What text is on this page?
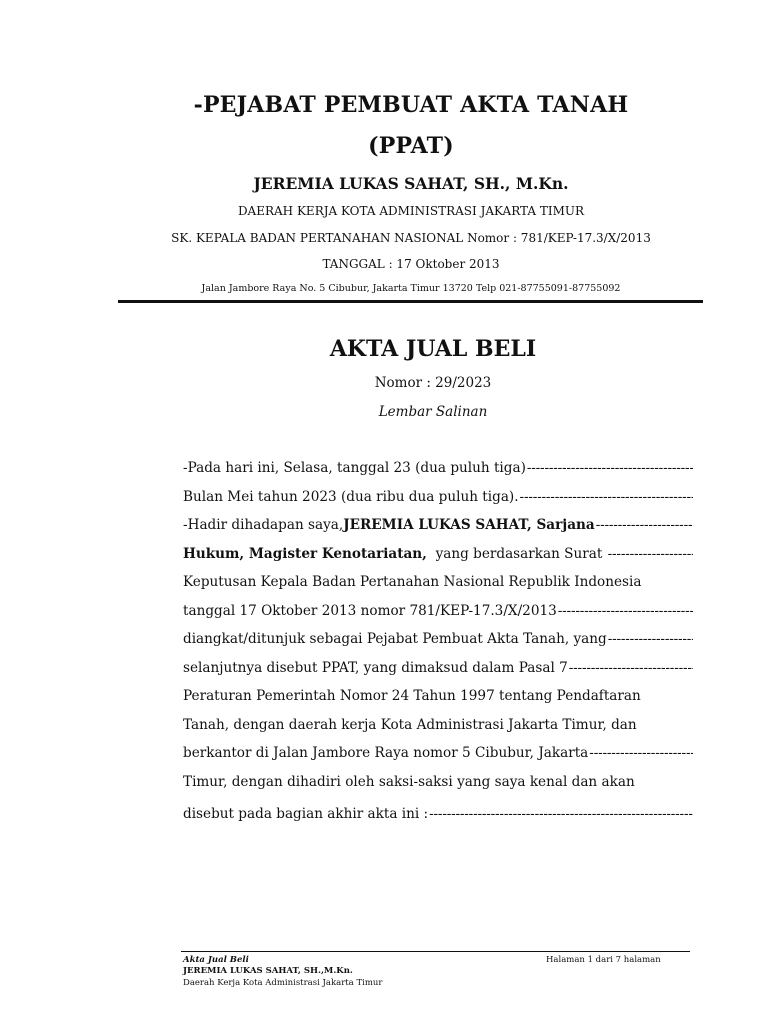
-PEJABAT PEMBUAT AKTA TANAH
(PPAT)
JEREMIA LUKAS SAHAT, SH., M.Kn.
DAERAH KERJA KOTA ADMINISTRASI JAKARTA TIMUR
SK. KEPALA BADAN PERTANAHAN NASIONAL Nomor : 781/KEP-17.3/X/2013
TANGGAL : 17 Oktober 2013
Jalan Jambore Raya No. 5 Cibubur, Jakarta Timur 13720 Telp 021-87755091-87755092
AKTA JUAL BELI
Nomor : 29/2023
Lembar Salinan
-Pada hari ini, Selasa, tanggal 23 (dua puluh tiga)
-----
Bulan Mei tahun 2023 (dua ribu dua puluh tiga).
-----
-Hadir dihadapan saya, JEREMIA LUKAS SAHAT, Sarjana
-----
Hukum, Magister Kenotariatan, yang berdasarkan Surat
-----
Keputusan Kepala Badan Pertanahan Nasional Republik Indonesia
tanggal 17 Oktober 2013 nomor 781/KEP-17.3/X/2013
-----
diangkat/ditunjuk sebagai Pejabat Pembuat Akta Tanah, yang
-----
selanjutnya disebut PPAT, yang dimaksud dalam Pasal 7
-----
Peraturan Pemerintah Nomor 24 Tahun 1997 tentang Pendaftaran
Tanah, dengan daerah kerja Kota Administrasi Jakarta Timur, dan
berkantor di Jalan Jambore Raya nomor 5 Cibubur, Jakarta
-----
Timur, dengan dihadiri oleh saksi-saksi yang saya kenal dan akan
disebut pada bagian akhir akta ini :
-----
Akta Jual Beli	Halaman 1 dari 7 halaman
JEREMIA LUKAS SAHAT, SH.,M.Kn.
Daerah Kerja Kota Administrasi Jakarta Timur
